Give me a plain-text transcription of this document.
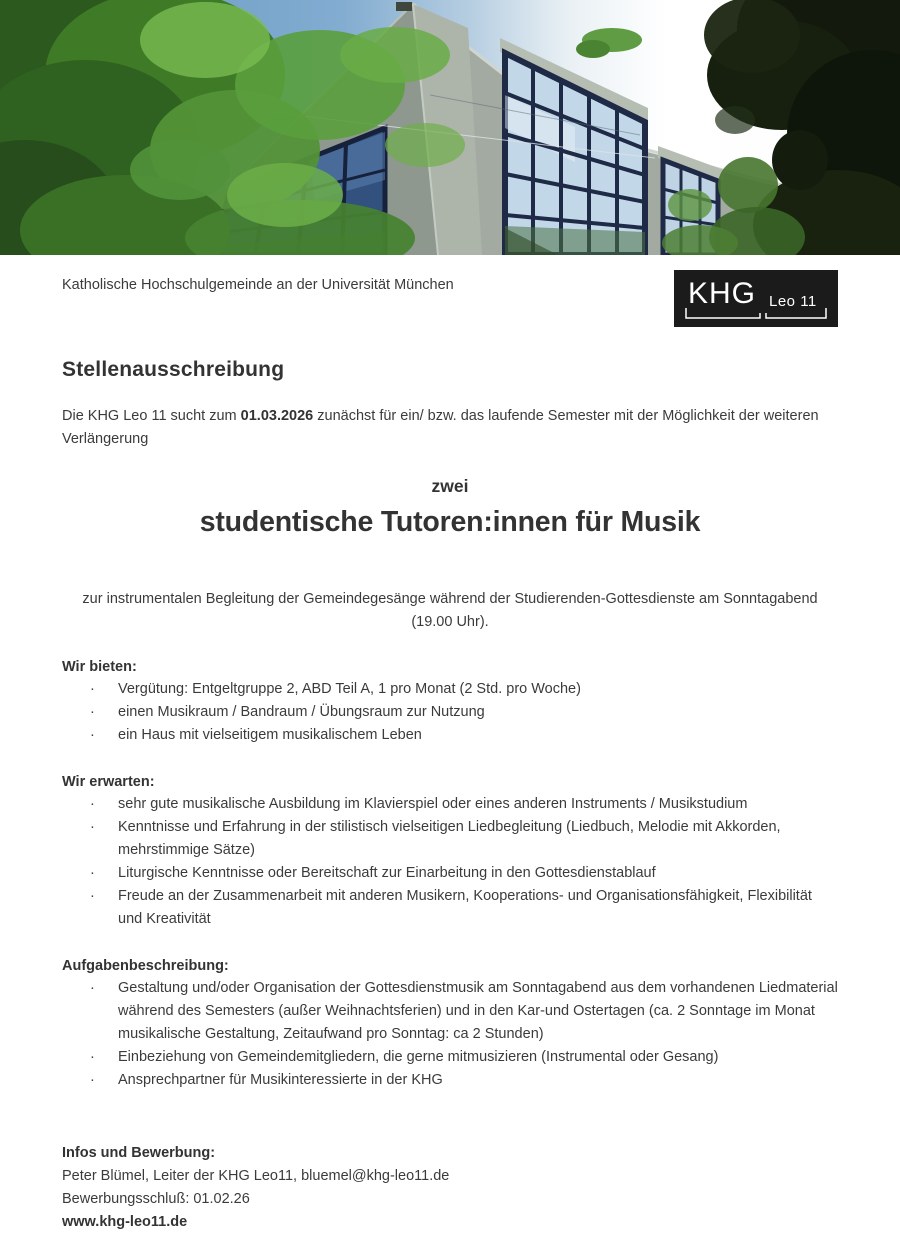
Katholische Hochschulgemeinde an der Universität München	KHG Leo 11
Stellenausschreibung

Die KHG Leo 11 sucht zum 01.03.2026 zunächst für ein/ bzw. das laufende Semester mit der Möglichkeit der weiteren Verlängerung

zwei
studentische Tutoren:innen für Musik
zur instrumentalen Begleitung der Gemeindegesänge während der Studierenden-Gottesdienste am Sonntagabend (19.00 Uhr).
Wir bieten:
·	Vergütung: Entgeltgruppe 2, ABD Teil A, 1 pro Monat (2 Std. pro Woche)
·	einen Musikraum / Bandraum / Übungsraum zur Nutzung
·	ein Haus mit vielseitigem musikalischem Leben
Wir erwarten:
·	sehr gute musikalische Ausbildung im Klavierspiel oder eines anderen Instruments / Musikstudium
·	Kenntnisse und Erfahrung in der stilistisch vielseitigen Liedbegleitung (Liedbuch, Melodie mit Akkorden, mehrstimmige Sätze)
·	Liturgische Kenntnisse oder Bereitschaft zur Einarbeitung in den Gottesdienstablauf
·	Freude an der Zusammenarbeit mit anderen Musikern, Kooperations- und Organisationsfähigkeit, Flexibilität und Kreativität
Aufgabenbeschreibung:
·	Gestaltung und/oder Organisation der Gottesdienstmusik am Sonntagabend aus dem vorhandenen Liedmaterial während des Semesters (außer Weihnachtsferien) und in den Kar-und Ostertagen (ca. 2 Sonntage im Monat musikalische Gestaltung, Zeitaufwand pro Sonntag: ca 2 Stunden)
·	Einbeziehung von Gemeindemitgliedern, die gerne mitmusizieren (Instrumental oder Gesang)
·	Ansprechpartner für Musikinteressierte in der KHG
Infos und Bewerbung:
Peter Blümel, Leiter der KHG Leo11, bluemel@khg-leo11.de
Bewerbungsschluß: 01.02.26
www.khg-leo11.de
